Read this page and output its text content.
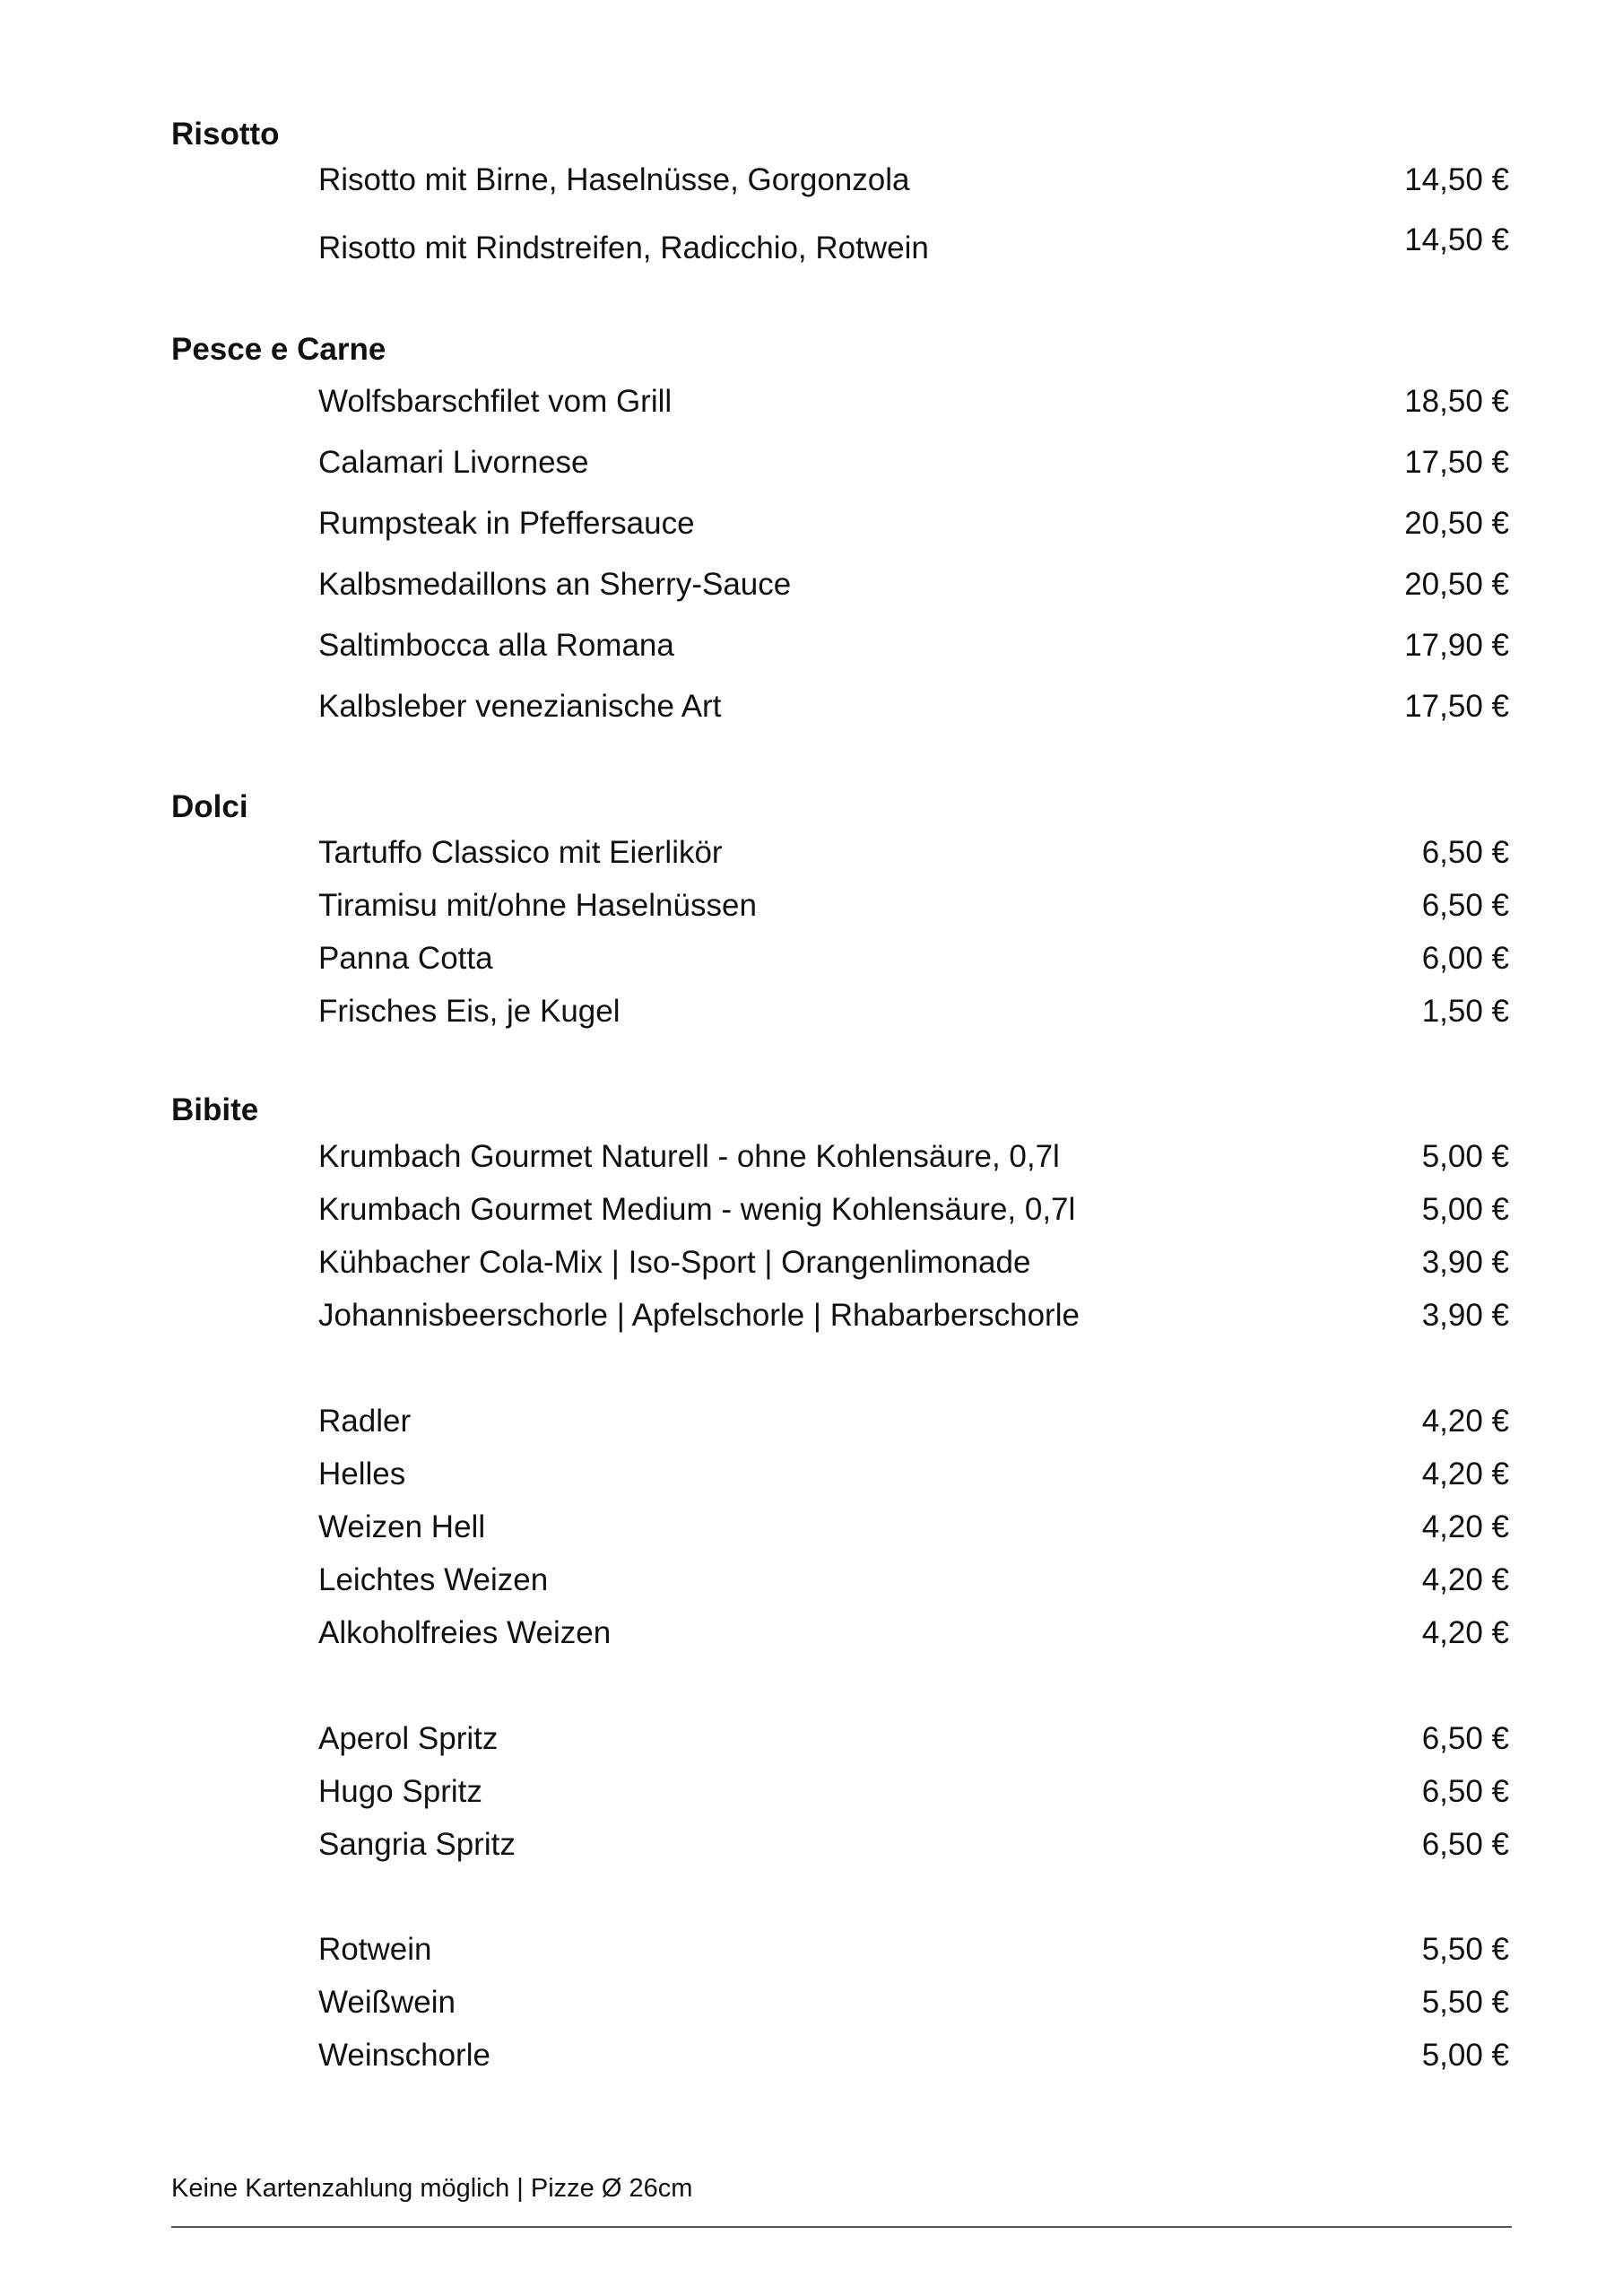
Risotto
Risotto mit Birne, Haselnüsse, Gorgonzola	14,50 €
Risotto mit Rindstreifen, Radicchio, Rotwein	14,50 €
Pesce e Carne
Wolfsbarschfilet vom Grill	18,50 €
Calamari Livornese	17,50 €
Rumpsteak in Pfeffersauce	20,50 €
Kalbsmedaillons an Sherry-Sauce	20,50 €
Saltimbocca alla Romana	17,90 €
Kalbsleber venezianische Art	17,50 €
Dolci
Tartuffo Classico mit Eierlikör	6,50 €
Tiramisu mit/ohne Haselnüssen	6,50 €
Panna Cotta	6,00 €
Frisches Eis, je Kugel	1,50 €
Bibite
Krumbach Gourmet Naturell - ohne Kohlensäure, 0,7l	5,00 €
Krumbach Gourmet Medium - wenig Kohlensäure, 0,7l	5,00 €
Kühbacher Cola-Mix | Iso-Sport | Orangenlimonade	3,90 €
Johannisbeerschorle | Apfelschorle | Rhabarberschorle	3,90 €
Radler	4,20 €
Helles	4,20 €
Weizen Hell	4,20 €
Leichtes Weizen	4,20 €
Alkoholfreies Weizen	4,20 €
Aperol Spritz	6,50 €
Hugo Spritz	6,50 €
Sangria Spritz	6,50 €
Rotwein	5,50 €
Weißwein	5,50 €
Weinschorle	5,00 €
Keine Kartenzahlung möglich | Pizze Ø 26cm
